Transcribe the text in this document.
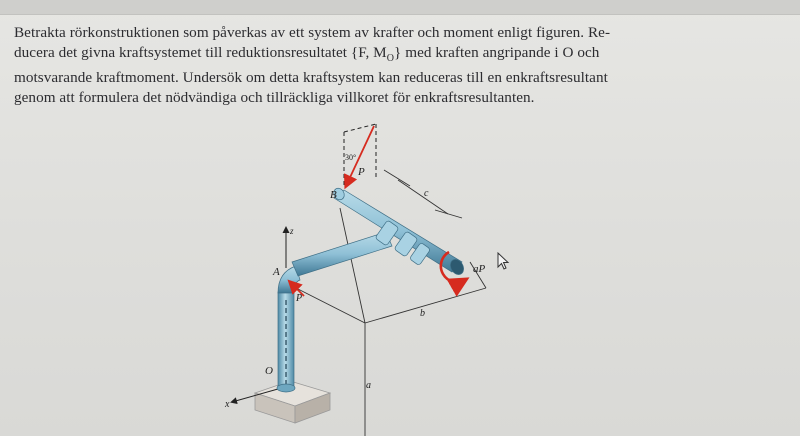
Betrakta rörkonstruktionen som påverkas av ett system av krafter och moment enligt figuren. Re-

ducera det givna kraftsystemet till reduktionsresultatet {F, $M_O$} med kraften angripande i O och

motsvarande kraftmoment. Undersök om detta kraftsystem kan reduceras till en enkraftsresultant

genom att formulera det nödvändiga och tillräckliga villkoret för enkraftsresultanten.

B
A
O
z
x
P
P
30°
c
b
a
aP
